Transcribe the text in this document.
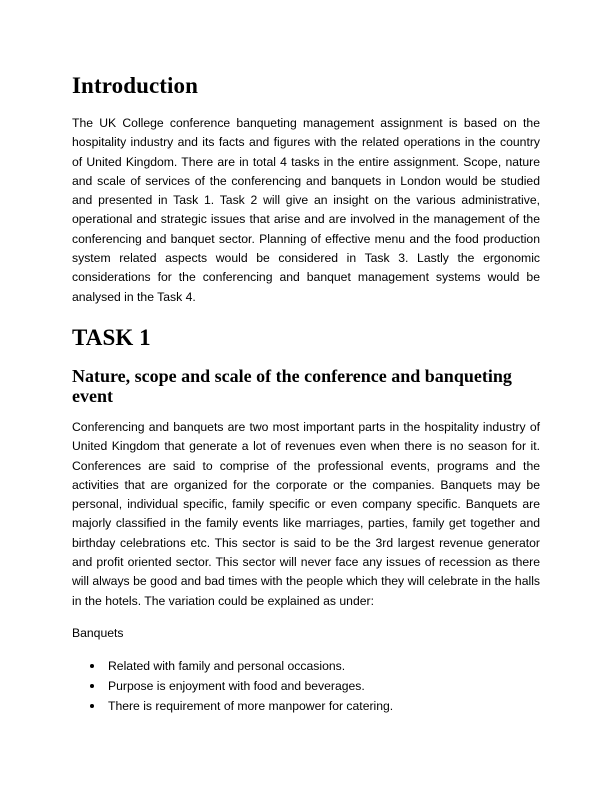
Introduction

The UK College conference banqueting management assignment is based on the hospitality industry and its facts and figures with the related operations in the country of United Kingdom. There are in total 4 tasks in the entire assignment. Scope, nature and scale of services of the conferencing and banquets in London would be studied and presented in Task 1. Task 2 will give an insight on the various administrative, operational and strategic issues that arise and are involved in the management of the conferencing and banquet sector. Planning of effective menu and the food production system related aspects would be considered in Task 3. Lastly the ergonomic considerations for the conferencing and banquet management systems would be analysed in the Task 4.

TASK 1
Nature, scope and scale of the conference and banqueting event

Conferencing and banquets are two most important parts in the hospitality industry of United Kingdom that generate a lot of revenues even when there is no season for it. Conferences are said to comprise of the professional events, programs and the activities that are organized for the corporate or the companies. Banquets may be personal, individual specific, family specific or even company specific. Banquets are majorly classified in the family events like marriages, parties, family get together and birthday celebrations etc. This sector is said to be the 3rd largest revenue generator and profit oriented sector. This sector will never face any issues of recession as there will always be good and bad times with the people which they will celebrate in the halls in the hotels. The variation could be explained as under:

Banquets

Related with family and personal occasions.
Purpose is enjoyment with food and beverages.
There is requirement of more manpower for catering.
